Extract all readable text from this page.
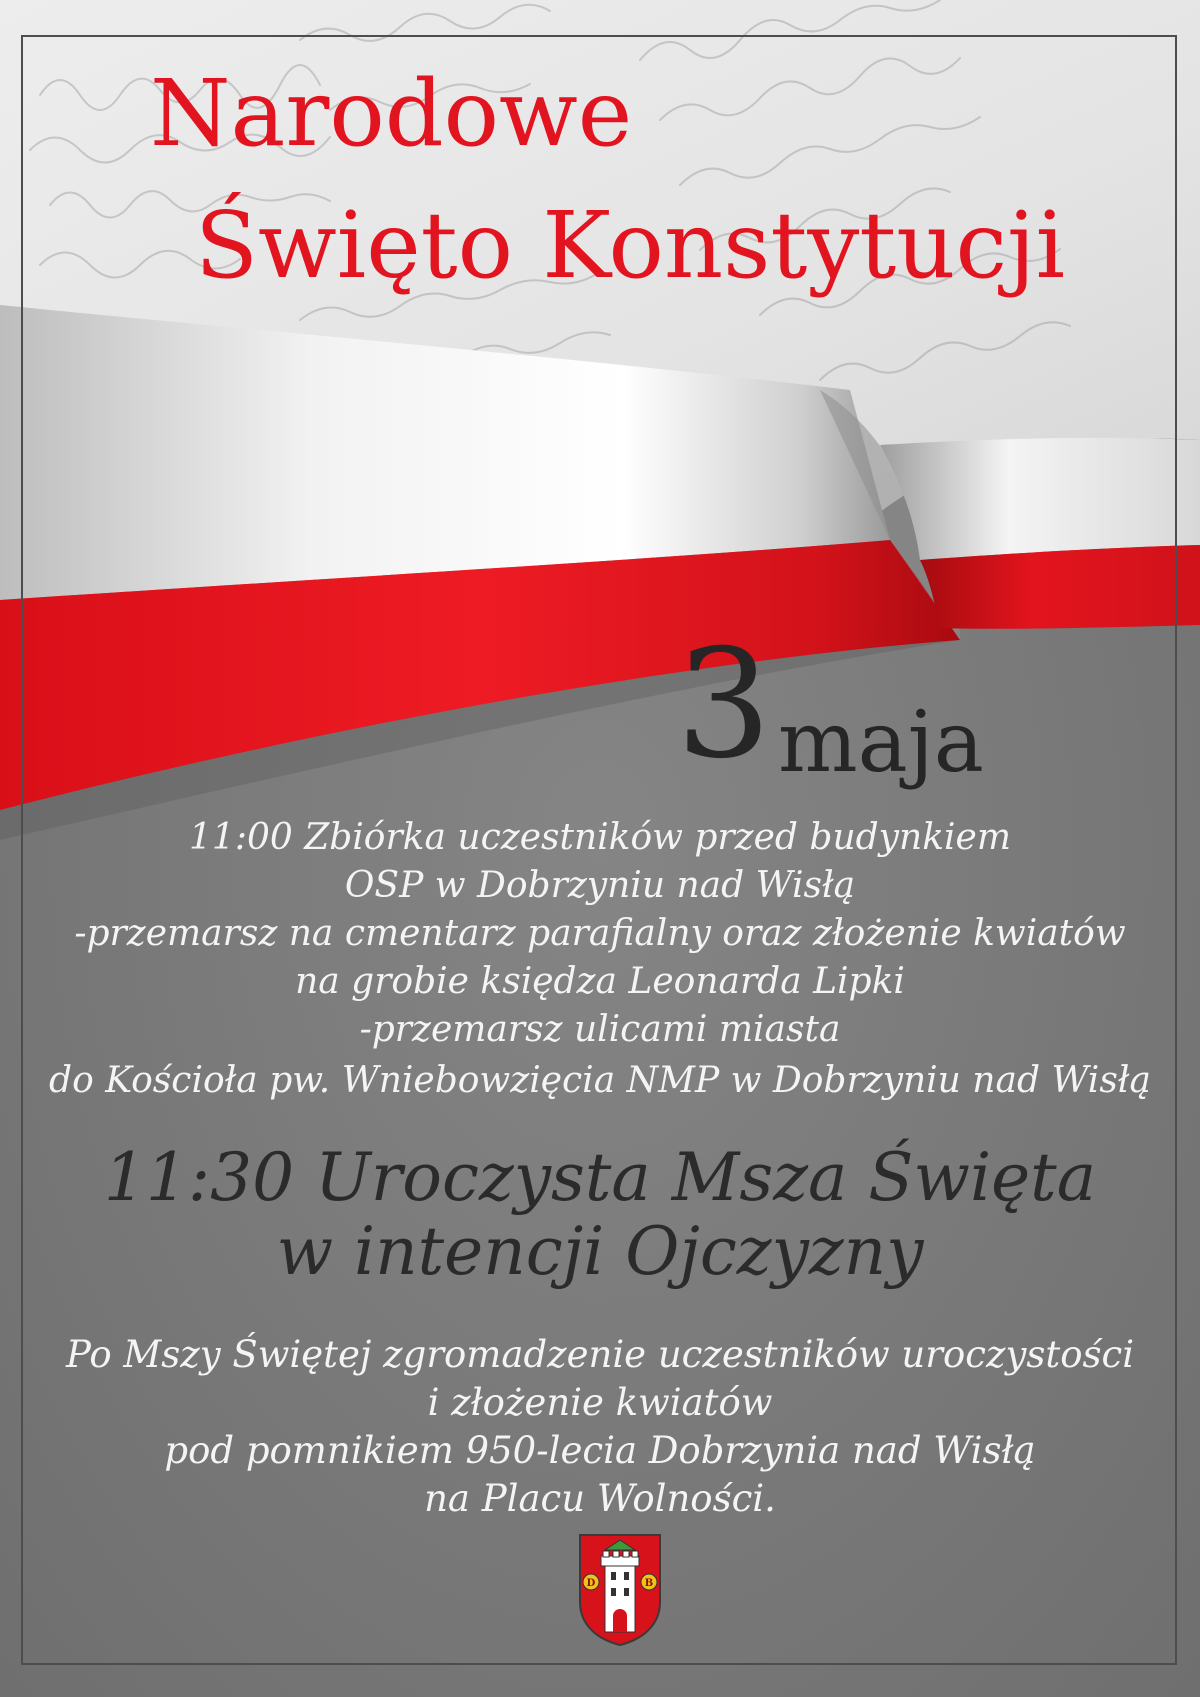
Narodowe
Święto Konstytucji
3 maja
11:00 Zbiórka uczestników przed budynkiem
OSP w Dobrzyniu nad Wisłą
-przemarsz na cmentarz parafialny oraz złożenie kwiatów
na grobie księdza Leonarda Lipki
-przemarsz ulicami miasta
do Kościoła pw. Wniebowzięcia NMP w Dobrzyniu nad Wisłą
11:30 Uroczysta Msza Święta
w intencji Ojczyzny
Po Mszy Świętej zgromadzenie uczestników uroczystości
i złożenie kwiatów
pod pomnikiem 950-lecia Dobrzynia nad Wisłą
na Placu Wolności.
D	B
